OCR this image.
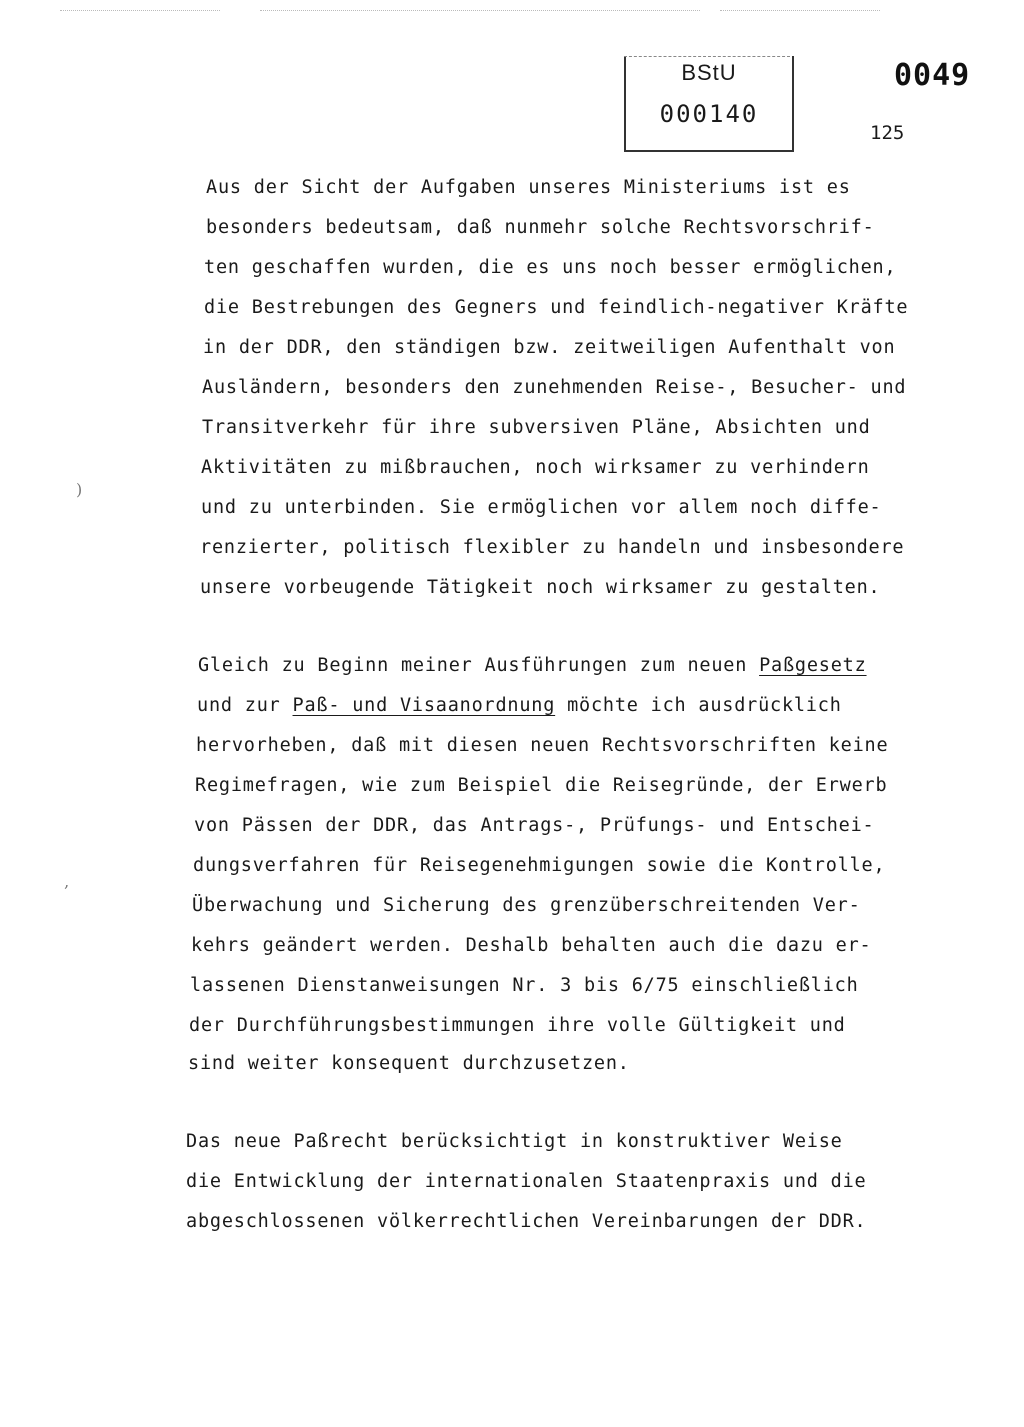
BStU
000140
0049
125
)
‚
Aus der Sicht der Aufgaben unseres Ministeriums ist es
besonders bedeutsam, daß nunmehr solche Rechtsvorschrif-
ten geschaffen wurden, die es uns noch besser ermöglichen,
die Bestrebungen des Gegners und feindlich-negativer Kräfte
in der DDR, den ständigen bzw. zeitweiligen Aufenthalt von
Ausländern, besonders den zunehmenden Reise-, Besucher- und
Transitverkehr für ihre subversiven Pläne, Absichten und
Aktivitäten zu mißbrauchen, noch wirksamer zu verhindern
und zu unterbinden. Sie ermöglichen vor allem noch diffe-
renzierter, politisch flexibler zu handeln und insbesondere
unsere vorbeugende Tätigkeit noch wirksamer zu gestalten.
Gleich zu Beginn meiner Ausführungen zum neuen Paßgesetz
und zur Paß- und Visaanordnung möchte ich ausdrücklich
hervorheben, daß mit diesen neuen Rechtsvorschriften keine
Regimefragen, wie zum Beispiel die Reisegründe, der Erwerb
von Pässen der DDR, das Antrags-, Prüfungs- und Entschei-
dungsverfahren für Reisegenehmigungen sowie die Kontrolle,
Überwachung und Sicherung des grenzüberschreitenden Ver-
kehrs geändert werden. Deshalb behalten auch die dazu er-
lassenen Dienstanweisungen Nr. 3 bis 6/75 einschließlich
der Durchführungsbestimmungen ihre volle Gültigkeit und
sind weiter konsequent durchzusetzen.
Das neue Paßrecht berücksichtigt in konstruktiver Weise
die Entwicklung der internationalen Staatenpraxis und die
abgeschlossenen völkerrechtlichen Vereinbarungen der DDR.
